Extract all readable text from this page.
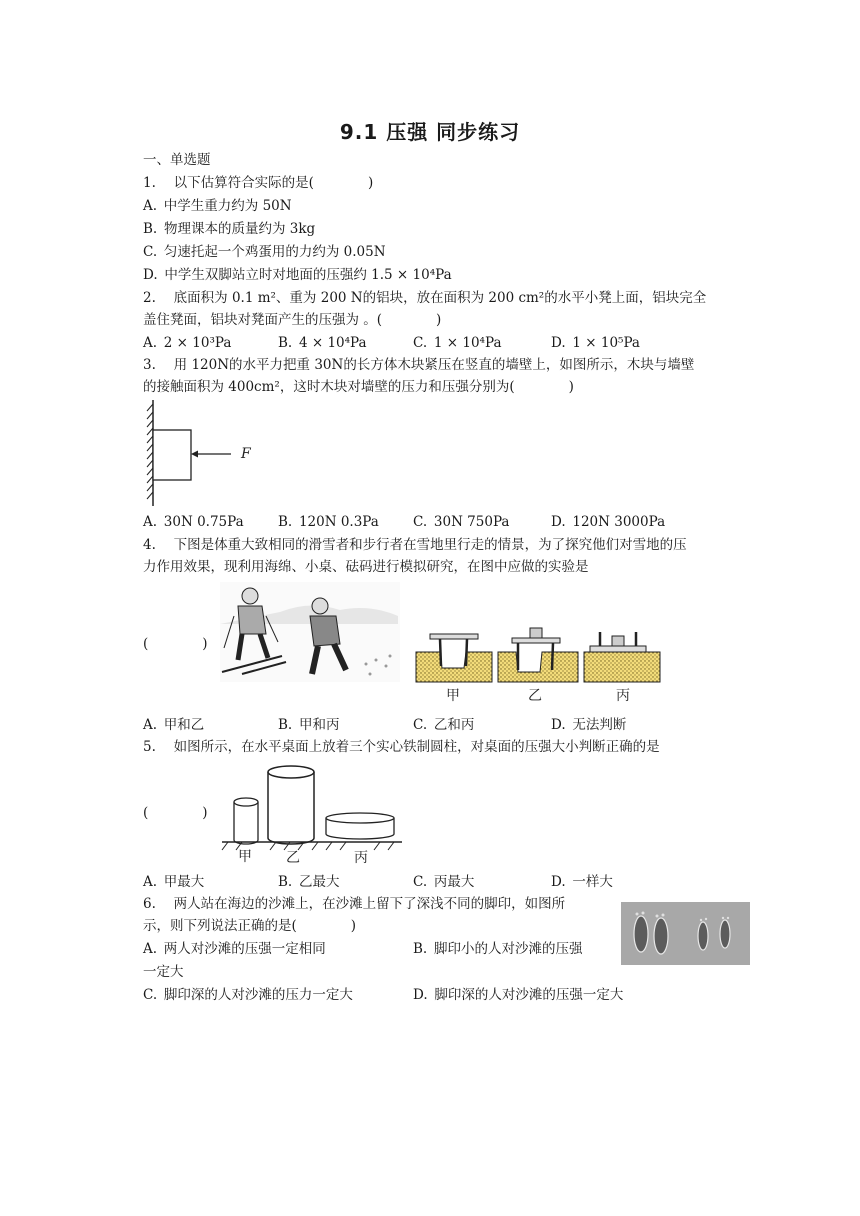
9.1 压强 同步练习
一、单选题
1.　 以下估算符合实际的是(　　　　)
A. 中学生重力约为 50N
B. 物理课本的质量约为 3kg
C. 匀速托起一个鸡蛋用的力约为 0.05N
D. 中学生双脚站立时对地面的压强约 1.5 × 10⁴Pa
2.　 底面积为 0.1 m²、重为 200 N的铝块，放在面积为 200 cm²的水平小凳上面，铝块完全
盖住凳面，铝块对凳面产生的压强为 。(　　　　)
A. 2 × 10³Pa	B. 4 × 10⁴Pa	C. 1 × 10⁴Pa	D. 1 × 10⁵Pa
3.　 用 120N的水平力把重 30N的长方体木块紧压在竖直的墙壁上，如图所示，木块与墙壁
的接触面积为 400cm²，这时木块对墙壁的压力和压强分别为(　　　　)
F
A. 30N 0.75Pa	B. 120N 0.3Pa	C. 30N 750Pa	D. 120N 3000Pa
4.　 下图是体重大致相同的滑雪者和步行者在雪地里行走的情景，为了探究他们对雪地的压
力作用效果，现利用海绵、小桌、砝码进行模拟研究，在图中应做的实验是
(　　　　)
甲	乙	丙
A. 甲和乙	B. 甲和丙	C. 乙和丙	D. 无法判断
5.　 如图所示，在水平桌面上放着三个实心铁制圆柱，对桌面的压强大小判断正确的是
(　　　　)
甲 乙	丙
A. 甲最大	B. 乙最大	C. 丙最大	D. 一样大
6.　 两人站在海边的沙滩上，在沙滩上留下了深浅不同的脚印，如图所
示，则下列说法正确的是(　　　　)
A. 两人对沙滩的压强一定相同	B. 脚印小的人对沙滩的压强
一定大
C. 脚印深的人对沙滩的压力一定大	D. 脚印深的人对沙滩的压强一定大
